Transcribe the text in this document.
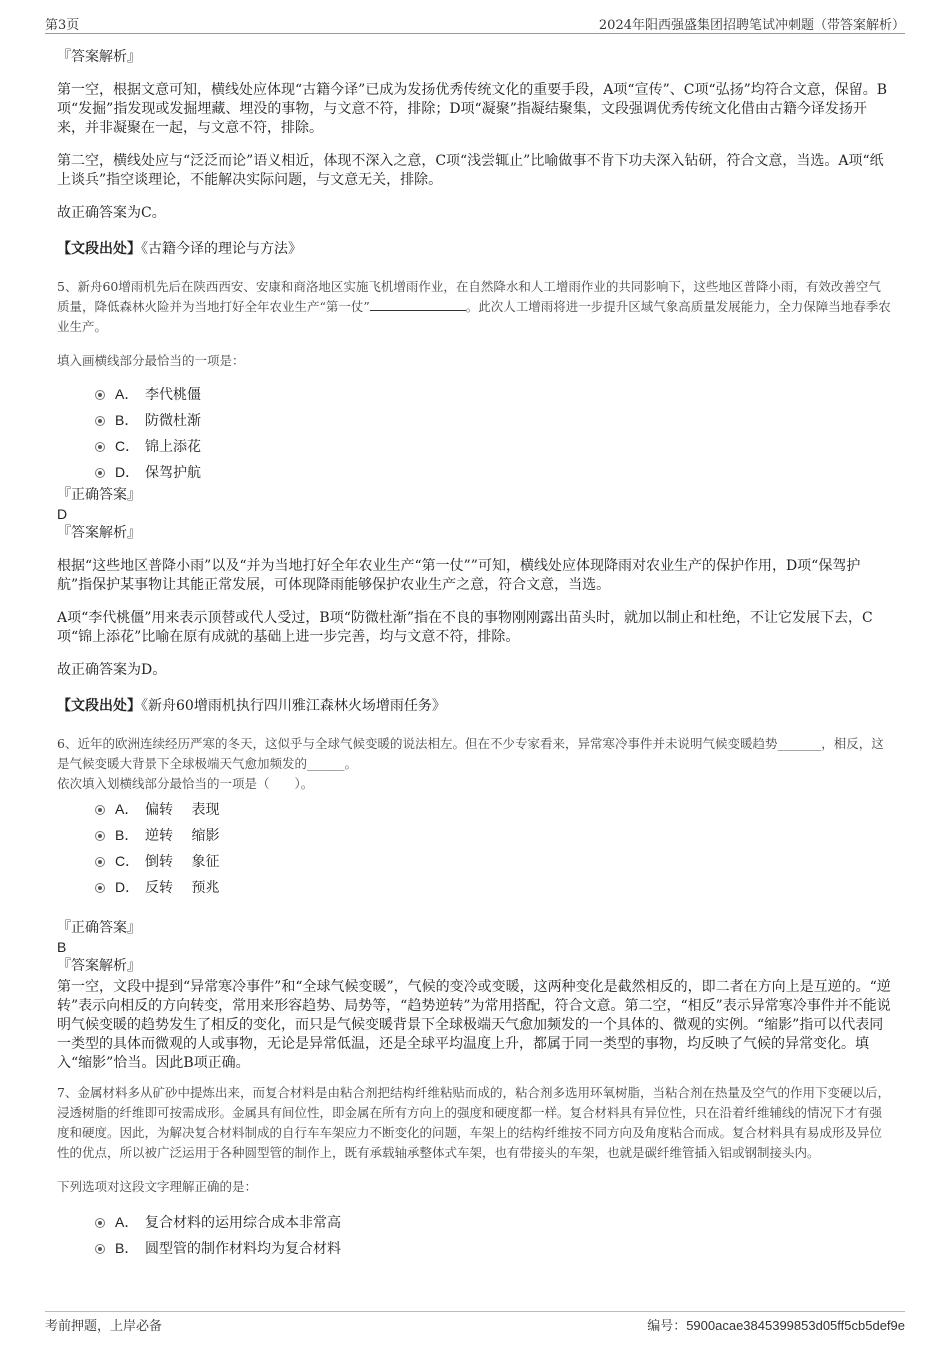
第3页	2024年阳西强盛集团招聘笔试冲刺题（带答案解析）
『答案解析』
第一空，根据文意可知，横线处应体现“古籍今译”已成为发扬优秀传统文化的重要手段，A项“宣传”、C项“弘扬”均符合文意，保留。B项“发掘”指发现或发掘埋藏、埋没的事物，与文意不符，排除；D项“凝聚”指凝结聚集，文段强调优秀传统文化借由古籍今译发扬开来，并非凝聚在一起，与文意不符，排除。
第二空，横线处应与“泛泛而论”语义相近，体现不深入之意，C项“浅尝辄止”比喻做事不肯下功夫深入钻研，符合文意，当选。A项“纸上谈兵”指空谈理论，不能解决实际问题，与文意无关，排除。
故正确答案为C。
【文段出处】《古籍今译的理论与方法》
5、新舟60增雨机先后在陕西西安、安康和商洛地区实施飞机增雨作业，在自然降水和人工增雨作业的共同影响下，这些地区普降小雨，有效改善空气质量，降低森林火险并为当地打好全年农业生产“第一仗”	。此次人工增雨将进一步提升区域气象高质量发展能力，全力保障当地春季农业生产。
填入画横线部分最恰当的一项是：
A． 李代桃僵
B． 防微杜渐
C． 锦上添花
D． 保驾护航
『正确答案』
D
『答案解析』
根据“这些地区普降小雨”以及“并为当地打好全年农业生产“第一仗””可知，横线处应体现降雨对农业生产的保护作用，D项“保驾护航”指保护某事物让其能正常发展，可体现降雨能够保护农业生产之意，符合文意，当选。
A项“李代桃僵”用来表示顶替或代人受过，B项“防微杜渐”指在不良的事物刚刚露出苗头时，就加以制止和杜绝，不让它发展下去，C项“锦上添花”比喻在原有成就的基础上进一步完善，均与文意不符，排除。
故正确答案为D。
【文段出处】《新舟60增雨机执行四川雅江森林火场增雨任务》
6、近年的欧洲连续经历严寒的冬天，这似乎与全球气候变暖的说法相左。但在不少专家看来，异常寒冷事件并未说明气候变暖趋势_______，相反，这是气候变暖大背景下全球极端天气愈加频发的______。
依次填入划横线部分最恰当的一项是（　　）。
A． 偏转　 表现
B． 逆转　 缩影
C． 倒转　 象征
D． 反转　 预兆
『正确答案』
B
『答案解析』
第一空，文段中提到“异常寒冷事件”和“全球气候变暖”，气候的变冷或变暖，这两种变化是截然相反的，即二者在方向上是互逆的。“逆转”表示向相反的方向转变，常用来形容趋势、局势等，“趋势逆转”为常用搭配，符合文意。第二空，“相反”表示异常寒冷事件并不能说明气候变暖的趋势发生了相反的变化，而只是气候变暖背景下全球极端天气愈加频发的一个具体的、微观的实例。“缩影”指可以代表同一类型的具体而微观的人或事物，无论是异常低温，还是全球平均温度上升，都属于同一类型的事物，均反映了气候的异常变化。填入“缩影”恰当。因此B项正确。
7、金属材料多从矿砂中提炼出来，而复合材料是由粘合剂把结构纤维粘贴而成的，粘合剂多选用环氧树脂，当粘合剂在热量及空气的作用下变硬以后，浸透树脂的纤维即可按需成形。金属具有间位性，即金属在所有方向上的强度和硬度都一样。复合材料具有异位性，只在沿着纤维辅线的情况下才有强度和硬度。因此，为解决复合材料制成的自行车车架应力不断变化的问题，车架上的结构纤维按不同方向及角度粘合而成。复合材料具有易成形及异位性的优点，所以被广泛运用于各种圆型管的制作上，既有承载轴承整体式车架，也有带接头的车架，也就是碳纤维管插入铝或钢制接头内。
下列选项对这段文字理解正确的是：
A． 复合材料的运用综合成本非常高
B． 圆型管的制作材料均为复合材料
考前押题，上岸必备	编号：5900acae3845399853d05ff5cb5def9e
